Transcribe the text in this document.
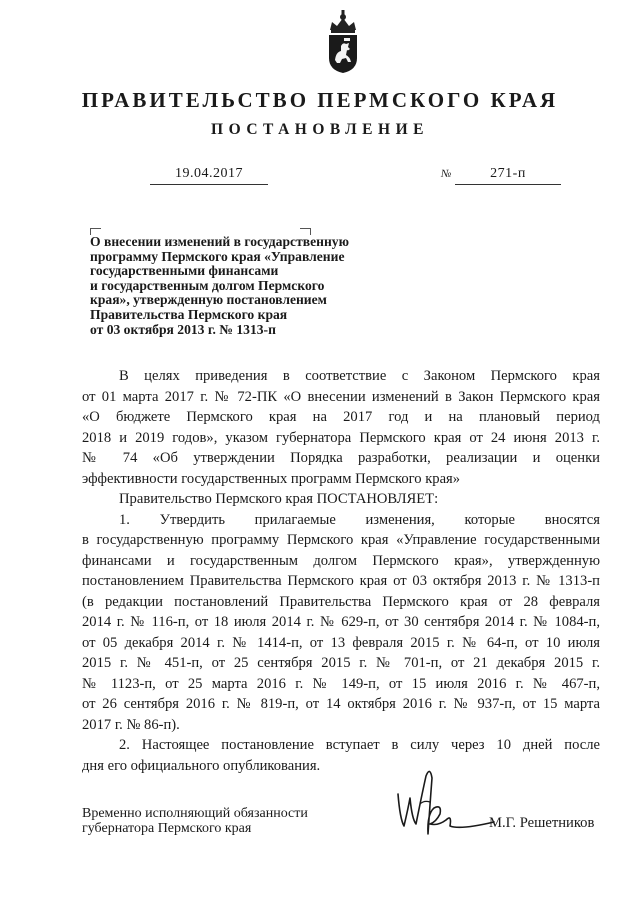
ПРАВИТЕЛЬСТВО ПЕРМСКОГО КРАЯ

ПОСТАНОВЛЕНИЕ

19.04.2017	№	271-п
О внесении изменений в государственную
программу Пермского края «Управление
государственными финансами
и государственным долгом Пермского
края», утвержденную постановлением
Правительства Пермского края
от 03 октября 2013 г. № 1313-п
В целях приведения в соответствие с Законом Пермского края
от 01 марта 2017 г. № 72-ПК «О внесении изменений в Закон Пермского края
«О бюджете Пермского края на 2017 год и на плановый период
2018 и 2019 годов», указом губернатора Пермского края от 24 июня 2013 г.
№ 74 «Об утверждении Порядка разработки, реализации и оценки
эффективности государственных программ Пермского края»
Правительство Пермского края ПОСТАНОВЛЯЕТ:
1. Утвердить прилагаемые изменения, которые вносятся
в государственную программу Пермского края «Управление государственными
финансами и государственным долгом Пермского края», утвержденную
постановлением Правительства Пермского края от 03 октября 2013 г. № 1313-п
(в редакции постановлений Правительства Пермского края от 28 февраля
2014 г. № 116-п, от 18 июля 2014 г. № 629-п, от 30 сентября 2014 г. № 1084-п,
от 05 декабря 2014 г. № 1414-п, от 13 февраля 2015 г. № 64-п, от 10 июля
2015 г. № 451-п, от 25 сентября 2015 г. № 701-п, от 21 декабря 2015 г.
№ 1123-п, от 25 марта 2016 г. № 149-п, от 15 июля 2016 г. № 467-п,
от 26 сентября 2016 г. № 819-п, от 14 октября 2016 г. № 937-п, от 15 марта
2017 г. № 86-п).
2. Настоящее постановление вступает в силу через 10 дней после
дня его официального опубликования.
Временно исполняющий обязанности
губернатора Пермского края	М.Г. Решетников
